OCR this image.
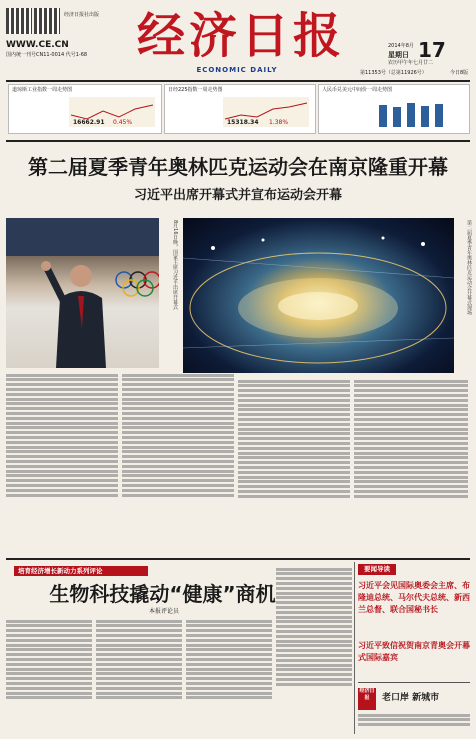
经济日报社出版
WWW.CE.CN
国内统一刊号CN11-0014 代号1-68	经济日报
ECONOMIC DAILY
2014年8月
星期日 17
农历甲午年七月廿二
第11353号（总第11926号）	今日8版
道琼斯工业指数一周走势图
16662.91 0.45%
日经225指数一周走势图
15318.34 1.38%
人民币兑美元中间价一周走势图
第二届夏季青年奥林匹克运动会在南京隆重开幕
习近平出席开幕式并宣布运动会开幕
8月16日晚，国家主席习近平出席开幕式	第二届夏季青年奥林匹克运动会开幕式现场
培育经济增长新动力系列评论
生物科技撬动“健康”商机
本报评论员
要闻导读
习近平会见国际奥委会主席、布隆迪总统、马尔代夫总统、新西兰总督、联合国秘书长
习近平致信祝贺南京青奥会开幕式国际嘉宾
经济日报	老口岸 新城市
